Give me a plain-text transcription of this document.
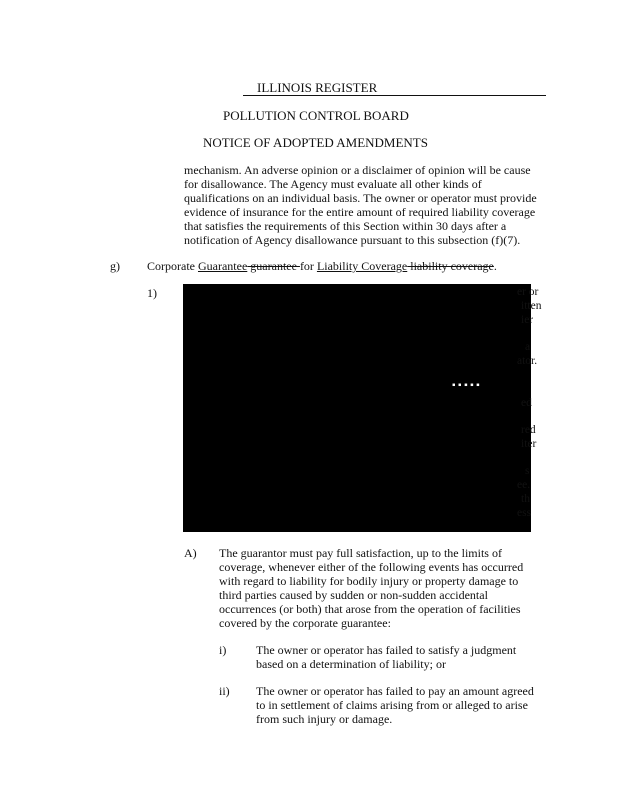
ILLINOIS REGISTER
POLLUTION CONTROL BOARD
NOTICE OF ADOPTED AMENDMENTS
mechanism. An adverse opinion or a disclaimer of opinion will be cause
for disallowance. The Agency must evaluate all other kinds of
qualifications on an individual basis. The owner or operator must provide
evidence of insurance for the entire amount of required liability coverage
that satisfies the requirements of this Section within 30 days after a
notification of Agency disallowance pursuant to this subsection (f)(7).
g) Corporate Guarantee guarantee for Liability Coverage liability coverage.
1)
▪ ▪ ▪ ▪ ▪
er or
itten
ier
a
ator.
ed
red
iter
s
ee.
th
ess
A) The guarantor must pay full satisfaction, up to the limits of
coverage, whenever either of the following events has occurred
with regard to liability for bodily injury or property damage to
third parties caused by sudden or non-sudden accidental
occurrences (or both) that arose from the operation of facilities
covered by the corporate guarantee:
i) The owner or operator has failed to satisfy a judgment
based on a determination of liability; or
ii) The owner or operator has failed to pay an amount agreed
to in settlement of claims arising from or alleged to arise
from such injury or damage.
